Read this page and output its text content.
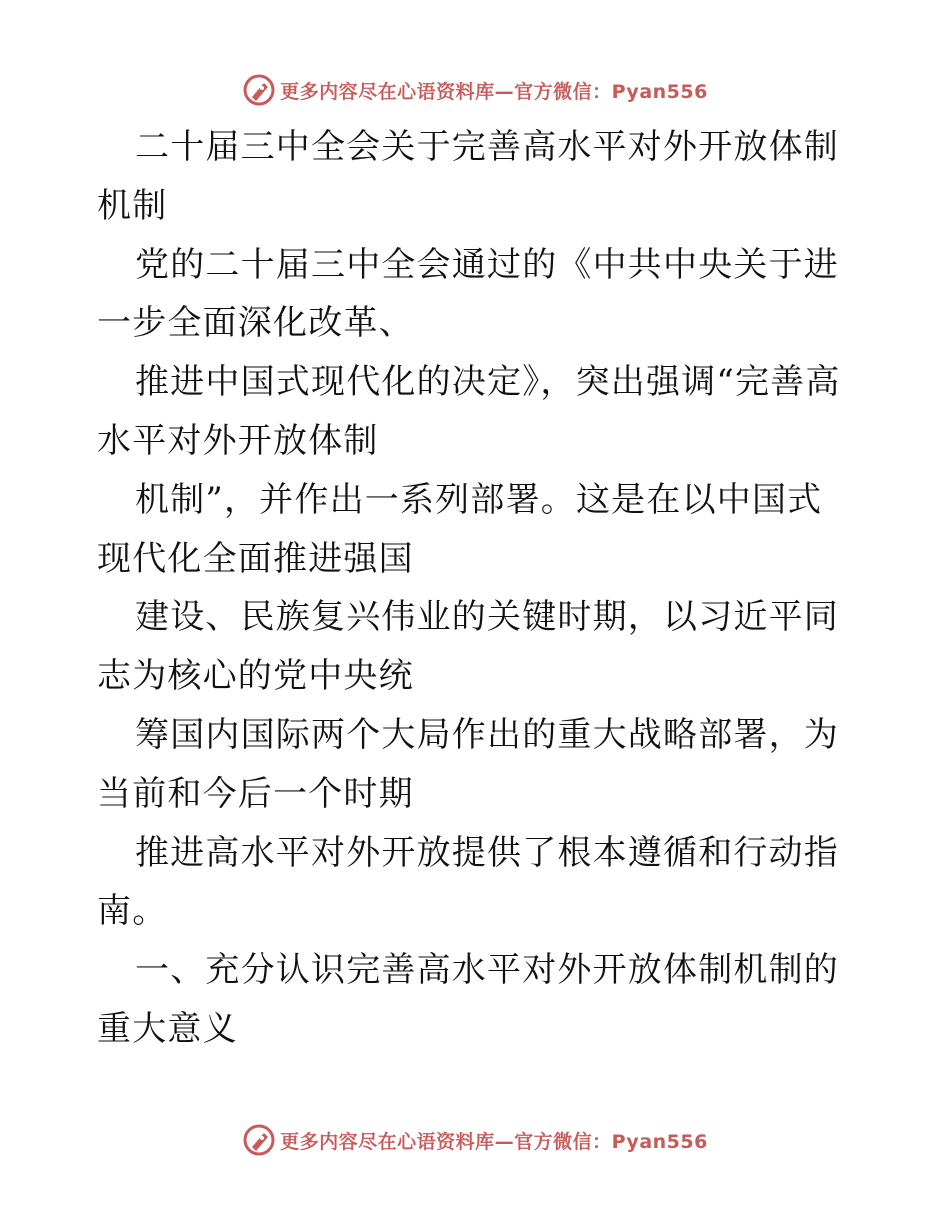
更多内容尽在心语资料库—官方微信：Pyan556

二十届三中全会关于完善高水平对外开放体制机制

党的二十届三中全会通过的《中共中央关于进一步全面深化改革、

推进中国式现代化的决定》，突出强调“完善高水平对外开放体制

机制”，并作出一系列部署。这是在以中国式现代化全面推进强国

建设、民族复兴伟业的关键时期，以习近平同志为核心的党中央统

筹国内国际两个大局作出的重大战略部署，为当前和今后一个时期

推进高水平对外开放提供了根本遵循和行动指南。

一、充分认识完善高水平对外开放体制机制的重大意义

更多内容尽在心语资料库—官方微信：Pyan556
